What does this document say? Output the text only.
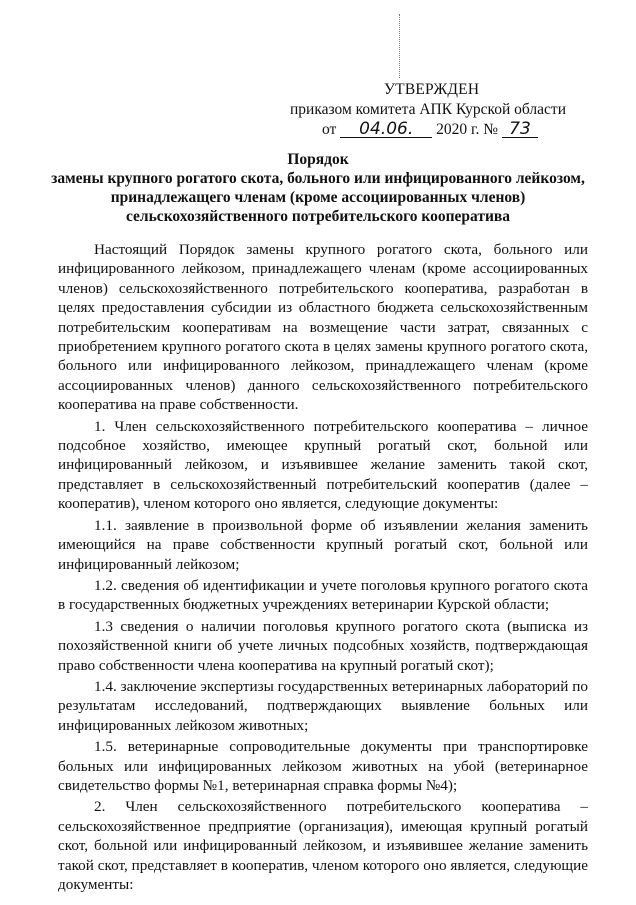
УТВЕРЖДЕН
приказом комитета АПК Курской области
от 04.06. 2020 г. № 73
Порядок
замены крупного рогатого скота, больного или инфицированного лейкозом,
принадлежащего членам (кроме ассоциированных членов)
сельскохозяйственного потребительского кооператива

Настоящий Порядок замены крупного рогатого скота, больного или инфицированного лейкозом, принадлежащего членам (кроме ассоциированных членов) сельскохозяйственного потребительского кооператива, разработан в целях предоставления субсидии из областного бюджета сельскохозяйственным потребительским кооперативам на возмещение части затрат, связанных с приобретением крупного рогатого скота в целях замены крупного рогатого скота, больного или инфицированного лейкозом, принадлежащего членам (кроме ассоциированных членов) данного сельскохозяйственного потребительского кооператива на праве собственности.

1. Член сельскохозяйственного потребительского кооператива – личное подсобное хозяйство, имеющее крупный рогатый скот, больной или инфицированный лейкозом, и изъявившее желание заменить такой скот, представляет в сельскохозяйственный потребительский кооператив (далее – кооператив), членом которого оно является, следующие документы:

1.1. заявление в произвольной форме об изъявлении желания заменить имеющийся на праве собственности крупный рогатый скот, больной или инфицированный лейкозом;

1.2. сведения об идентификации и учете поголовья крупного рогатого скота в государственных бюджетных учреждениях ветеринарии Курской области;

1.3 сведения о наличии поголовья крупного рогатого скота (выписка из похозяйственной книги об учете личных подсобных хозяйств, подтверждающая право собственности члена кооператива на крупный рогатый скот);

1.4. заключение экспертизы государственных ветеринарных лабораторий по результатам исследований, подтверждающих выявление больных или инфицированных лейкозом животных;

1.5. ветеринарные сопроводительные документы при транспортировке больных или инфицированных лейкозом животных на убой (ветеринарное свидетельство формы №1, ветеринарная справка формы №4);

2. Член сельскохозяйственного потребительского кооператива – сельскохозяйственное предприятие (организация), имеющая крупный рогатый скот, больной или инфицированный лейкозом, и изъявившее желание заменить такой скот, представляет в кооператив, членом которого оно является, следующие документы:
